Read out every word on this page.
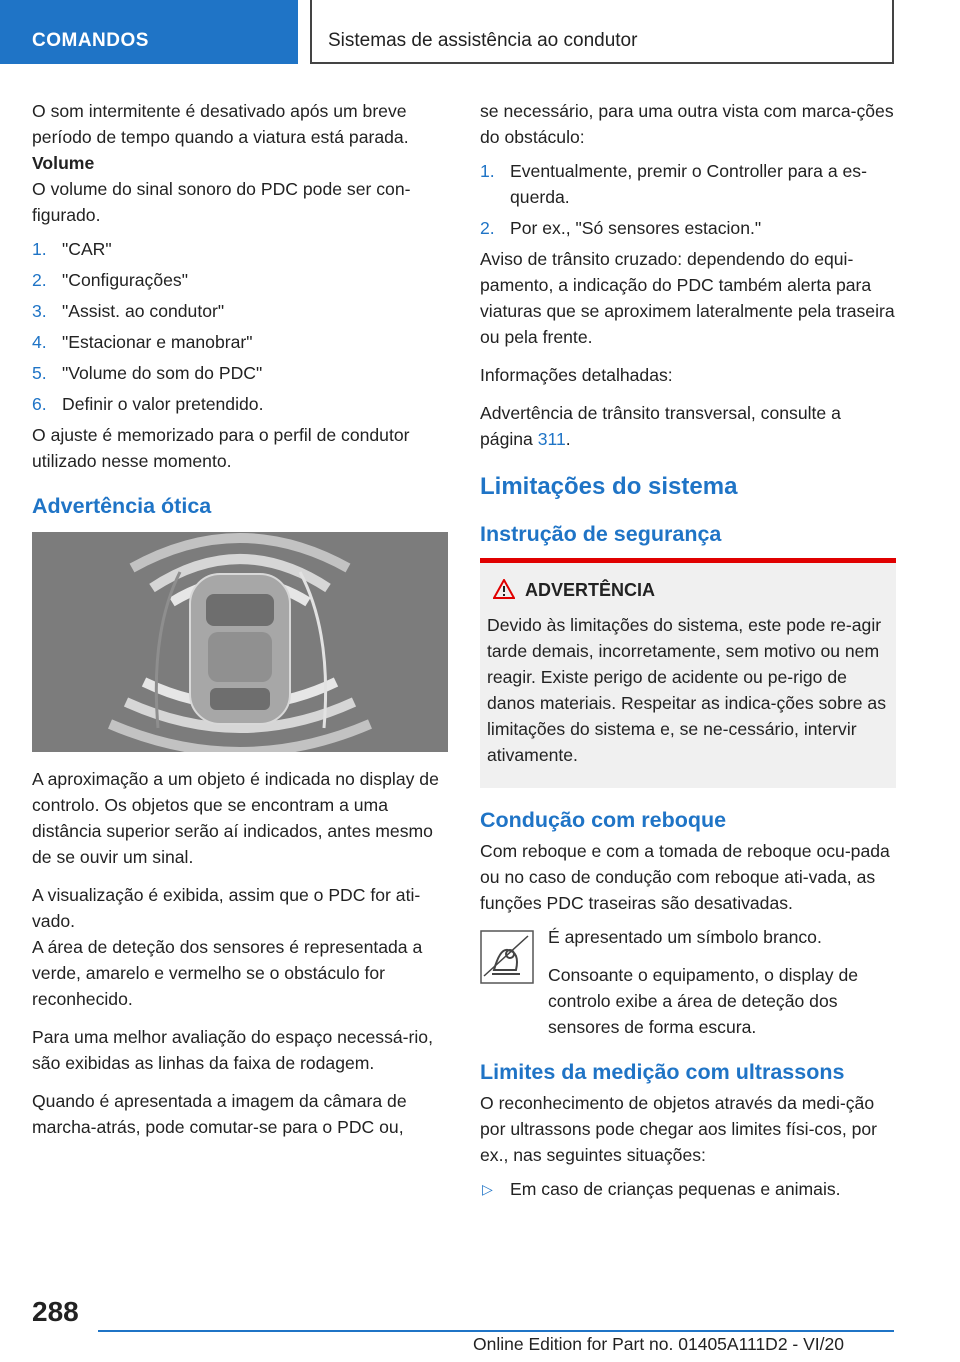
COMANDOS	Sistemas de assistência ao condutor

O som intermitente é desativado após um breve período de tempo quando a viatura está parada.

Volume

O volume do sinal sonoro do PDC pode ser con-figurado.

1. "CAR"
2. "Configurações"
3. "Assist. ao condutor"
4. "Estacionar e manobrar"
5. "Volume do som do PDC"
6. Definir o valor pretendido.

O ajuste é memorizado para o perfil de condutor utilizado nesse momento.

Advertência ótica

A aproximação a um objeto é indicada no display de controlo. Os objetos que se encontram a uma distância superior serão aí indicados, antes mesmo de se ouvir um sinal.

A visualização é exibida, assim que o PDC for ati-vado.

A área de deteção dos sensores é representada a verde, amarelo e vermelho se o obstáculo for reconhecido.

Para uma melhor avaliação do espaço necessá-rio, são exibidas as linhas da faixa de rodagem.

Quando é apresentada a imagem da câmara de marcha-atrás, pode comutar-se para o PDC ou,

se necessário, para uma outra vista com marca-ções do obstáculo:

1. Eventualmente, premir o Controller para a es-querda.
2. Por ex., "Só sensores estacion."

Aviso de trânsito cruzado: dependendo do equi-pamento, a indicação do PDC também alerta para viaturas que se aproximem lateralmente pela traseira ou pela frente.

Informações detalhadas:

Advertência de trânsito transversal, consulte a página 311.

Limitações do sistema

Instrução de segurança

ADVERTÊNCIA

Devido às limitações do sistema, este pode re-agir tarde demais, incorretamente, sem motivo ou nem reagir. Existe perigo de acidente ou pe-rigo de danos materiais. Respeitar as indica-ções sobre as limitações do sistema e, se ne-cessário, intervir ativamente.

Condução com reboque

Com reboque e com a tomada de reboque ocu-pada ou no caso de condução com reboque ati-vada, as funções PDC traseiras são desativadas.

É apresentado um símbolo branco.

Consoante o equipamento, o display de controlo exibe a área de deteção dos sensores de forma escura.

Limites da medição com ultrassons

O reconhecimento de objetos através da medi-ção por ultrassons pode chegar aos limites físi-cos, por ex., nas seguintes situações:

▷ Em caso de crianças pequenas e animais.

288
Online Edition for Part no. 01405A111D2 - VI/20
